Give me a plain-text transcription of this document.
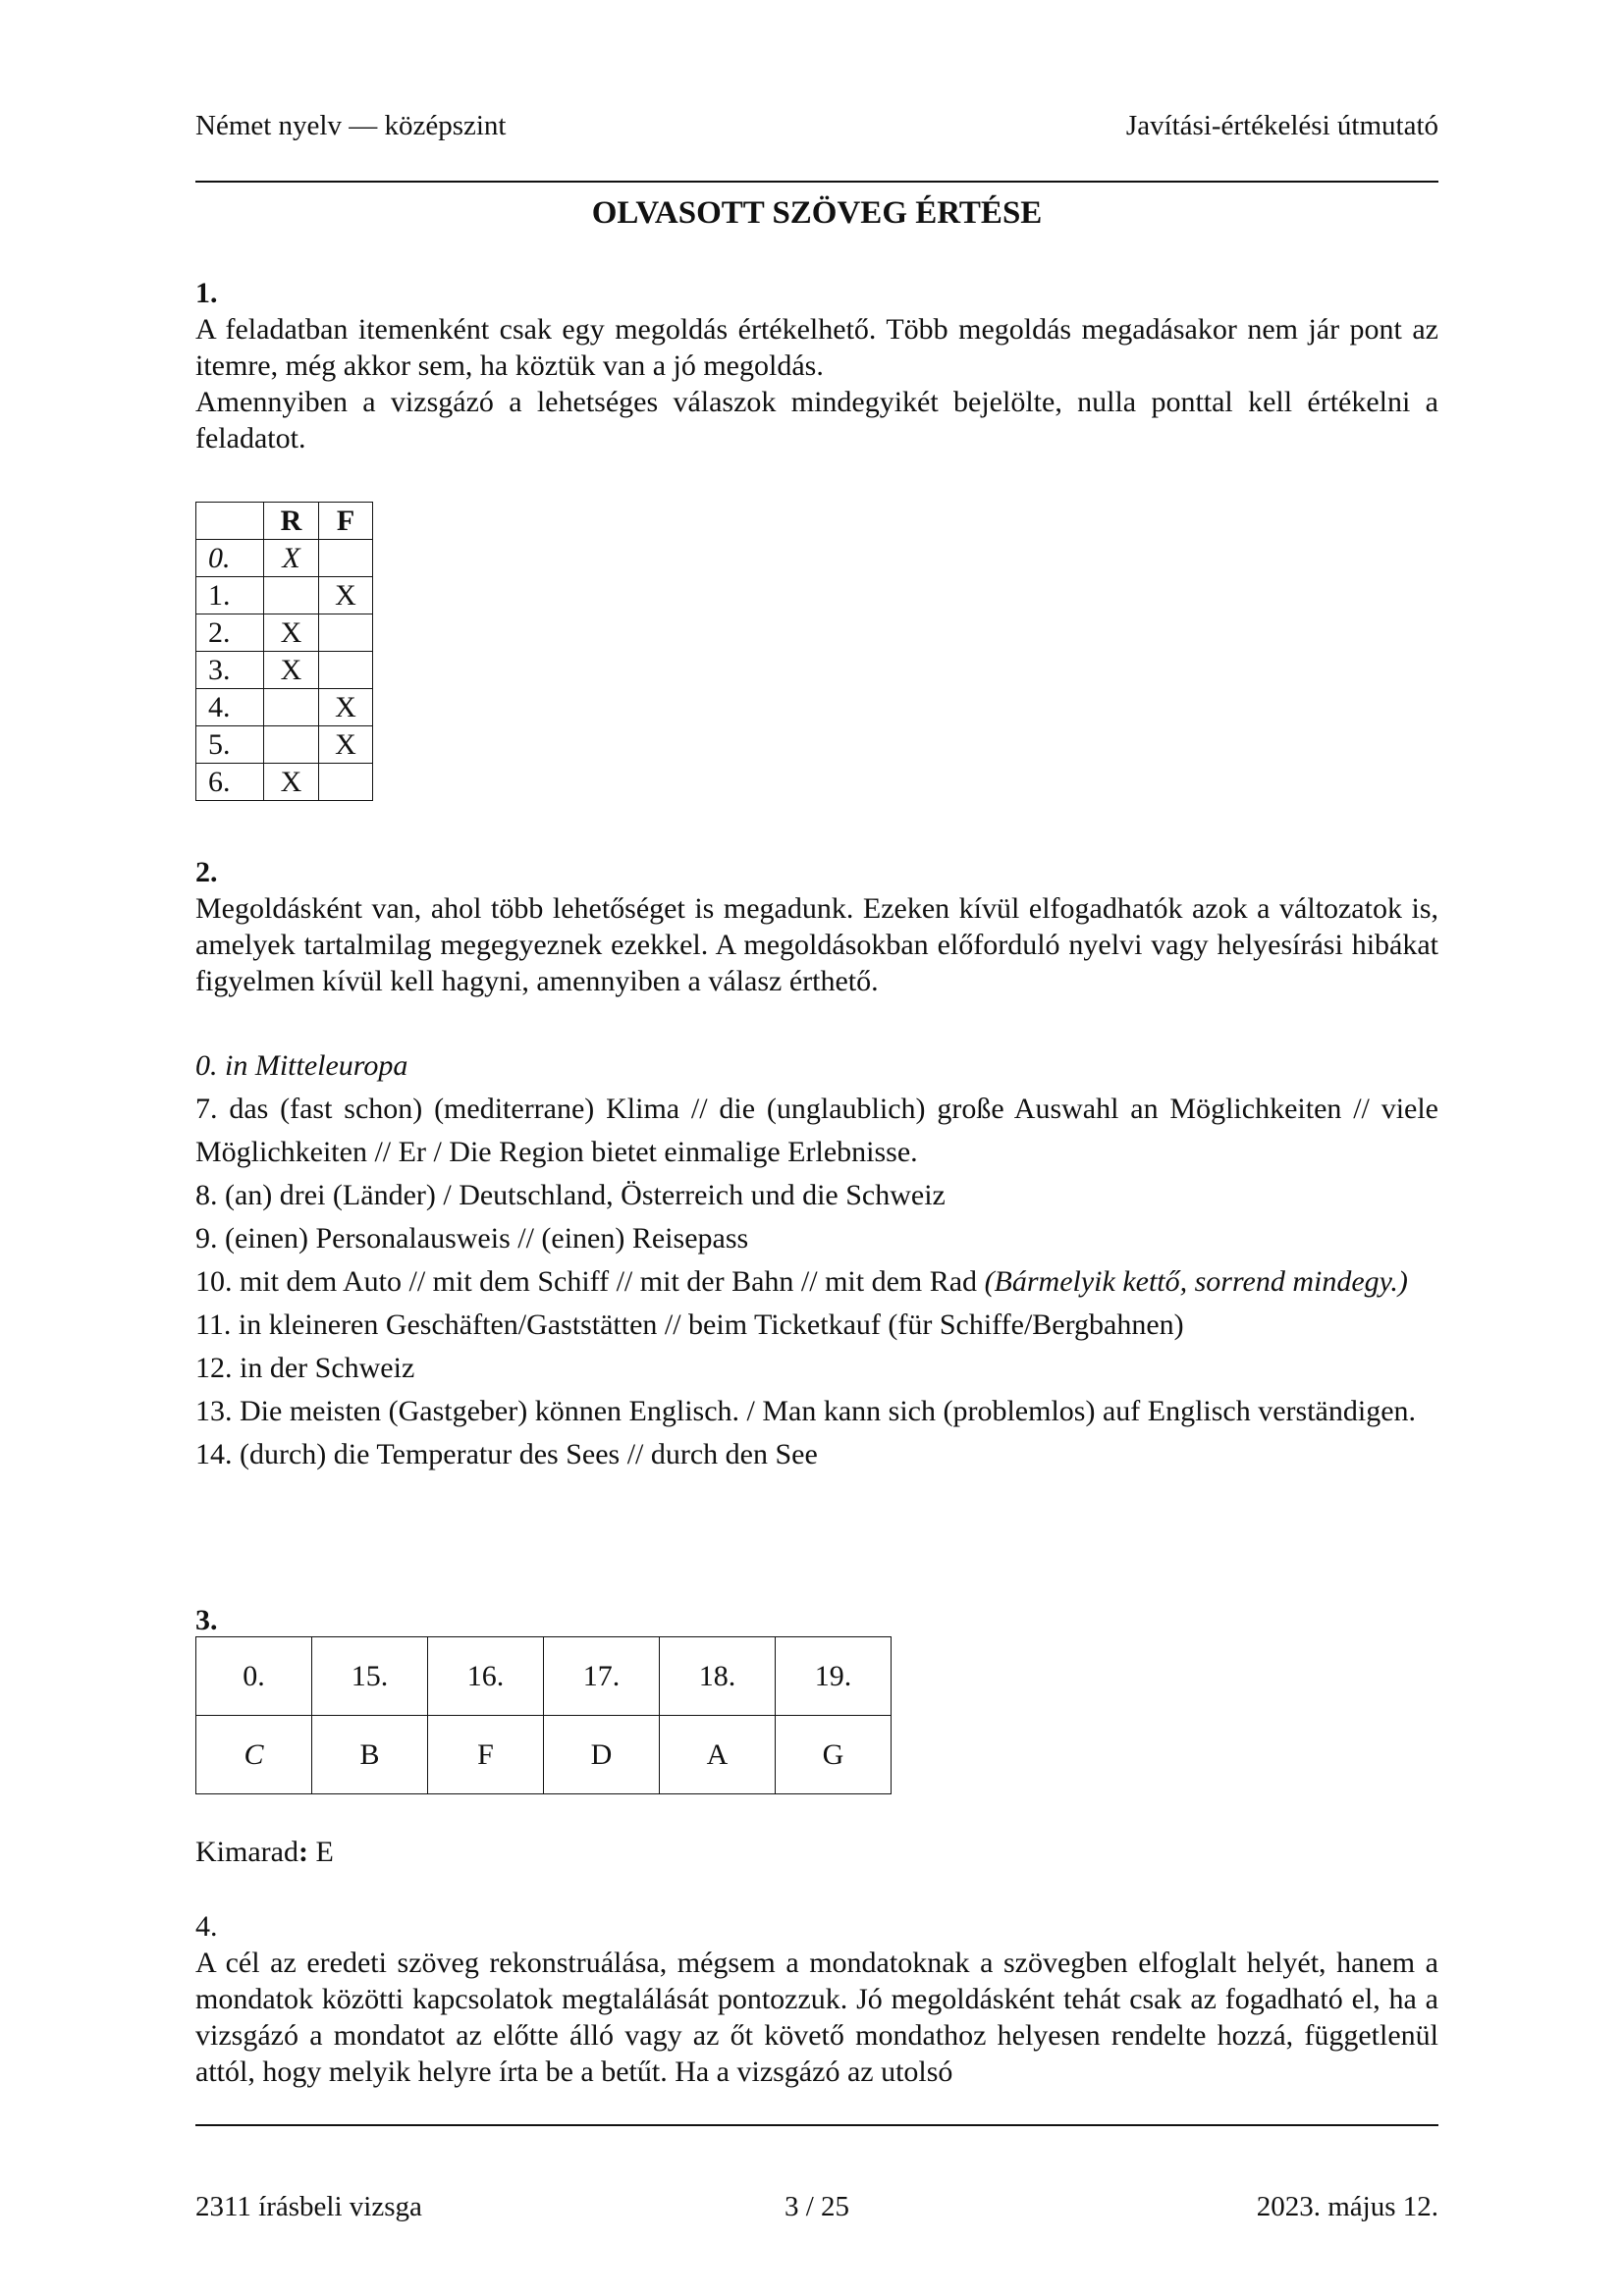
Német nyelv — középszint	Javítási-értékelési útmutató
OLVASOTT SZÖVEG ÉRTÉSE
1.
A feladatban itemenként csak egy megoldás értékelhető. Több megoldás megadásakor nem jár pont az itemre, még akkor sem, ha köztük van a jó megoldás.
Amennyiben a vizsgázó a lehetséges válaszok mindegyikét bejelölte, nulla ponttal kell értékelni a feladatot.
	R	F
0.	X	
1.		X
2.	X	
3.	X	
4.		X
5.		X
6.	X	
2.
Megoldásként van, ahol több lehetőséget is megadunk. Ezeken kívül elfogadhatók azok a változatok is, amelyek tartalmilag megegyeznek ezekkel. A megoldásokban előforduló nyelvi vagy helyesírási hibákat figyelmen kívül kell hagyni, amennyiben a válasz érthető.

0. in Mitteleuropa

7. das (fast schon) (mediterrane) Klima // die (unglaublich) große Auswahl an Möglichkeiten // viele Möglichkeiten // Er / Die Region bietet einmalige Erlebnisse.

8. (an) drei (Länder) / Deutschland, Österreich und die Schweiz

9. (einen) Personalausweis // (einen) Reisepass

10. mit dem Auto // mit dem Schiff // mit der Bahn // mit dem Rad (Bármelyik kettő, sorrend mindegy.)

11. in kleineren Geschäften/Gaststätten // beim Ticketkauf (für Schiffe/Bergbahnen)

12. in der Schweiz

13. Die meisten (Gastgeber) können Englisch. / Man kann sich (problemlos) auf Englisch verständigen.

14. (durch) die Temperatur des Sees // durch den See

3.
0.	15.	16.	17.	18.	19.
C	B	F	D	A	G
Kimarad: E
4.
A cél az eredeti szöveg rekonstruálása, mégsem a mondatoknak a szövegben elfoglalt helyét, hanem a mondatok közötti kapcsolatok megtalálását pontozzuk. Jó megoldásként tehát csak az fogadható el, ha a vizsgázó a mondatot az előtte álló vagy az őt követő mondathoz helyesen rendelte hozzá, függetlenül attól, hogy melyik helyre írta be a betűt. Ha a vizsgázó az utolsó
2311 írásbeli vizsga	3 / 25	2023. május 12.
